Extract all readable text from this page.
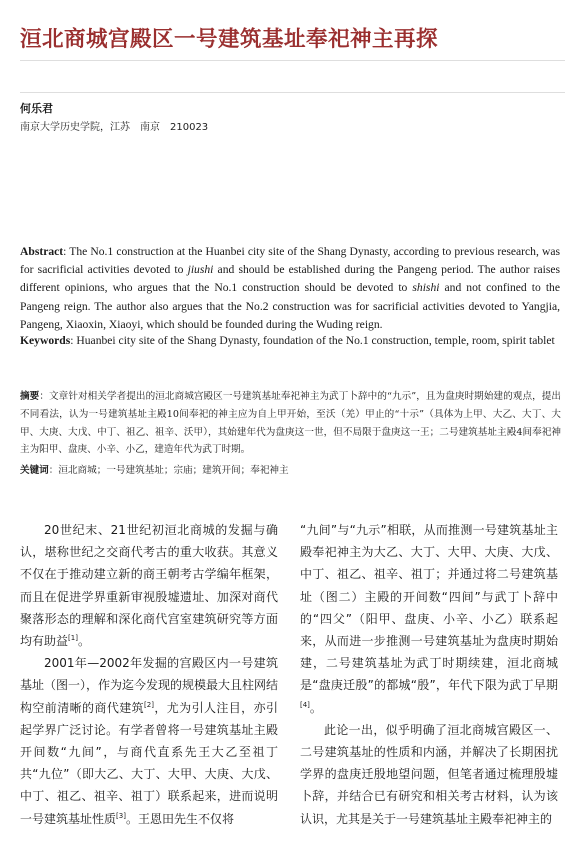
洹北商城宫殿区一号建筑基址奉祀神主再探
何乐君
南京大学历史学院，江苏　南京　210023

Abstract: The No.1 construction at the Huanbei city site of the Shang Dynasty, according to previous research, was for sacrificial activities devoted to jiushi and should be established during the Pangeng period. The author raises different opinions, who argues that the No.1 construction should be devoted to shishi and not confined to the Pangeng reign. The author also argues that the No.2 construction was for sacrificial activities devoted to Yangjia, Pangeng, Xiaoxin, Xiaoyi, which should be founded during the Wuding reign.

Keywords: Huanbei city site of the Shang Dynasty, foundation of the No.1 construction, temple, room, spirit tablet

摘要：文章针对相关学者提出的洹北商城宫殿区一号建筑基址奉祀神主为武丁卜辞中的“九示”，且为盘庚时期始建的观点，提出不同看法，认为一号建筑基址主殿10间奉祀的神主应为自上甲开始，至沃（羌）甲止的“十示”（具体为上甲、大乙、大丁、大甲、大庚、大戊、中丁、祖乙、祖辛、沃甲），其始建年代为盘庚这一世，但不局限于盘庚这一王；二号建筑基址主殿4间奉祀神主为阳甲、盘庚、小辛、小乙，建造年代为武丁时期。

关键词：洹北商城；一号建筑基址；宗庙；建筑开间；奉祀神主

20世纪末、21世纪初洹北商城的发掘与确认，堪称世纪之交商代考古的重大收获。其意义不仅在于推动建立新的商王朝考古学编年框架，而且在促进学界重新审视殷墟遗址、加深对商代聚落形态的理解和深化商代宫室建筑研究等方面均有助益[1]。

2001年—2002年发掘的宫殿区内一号建筑基址（图一），作为迄今发现的规模最大且柱网结构空前清晰的商代建筑[2]，尤为引人注目，亦引起学界广泛讨论。有学者曾将一号建筑基址主殿开间数“九间”，与商代直系先王大乙至祖丁共“九位”（即大乙、大丁、大甲、大庚、大戊、中丁、祖乙、祖辛、祖丁）联系起来，进而说明一号建筑基址性质[3]。王恩田先生不仅将

“九间”与“九示”相联，从而推测一号建筑基址主殿奉祀神主为大乙、大丁、大甲、大庚、大戊、中丁、祖乙、祖辛、祖丁；并通过将二号建筑基址（图二）主殿的开间数“四间”与武丁卜辞中的“四父”（阳甲、盘庚、小辛、小乙）联系起来，从而进一步推测一号建筑基址为盘庚时期始建，二号建筑基址为武丁时期续建，洹北商城是“盘庚迁殷”的都城“殷”，年代下限为武丁早期[4]。

此论一出，似乎明确了洹北商城宫殿区一、二号建筑基址的性质和内涵，并解决了长期困扰学界的盘庚迁殷地望问题，但笔者通过梳理殷墟卜辞，并结合已有研究和相关考古材料，认为该认识，尤其是关于一号建筑基址主殿奉祀神主的
